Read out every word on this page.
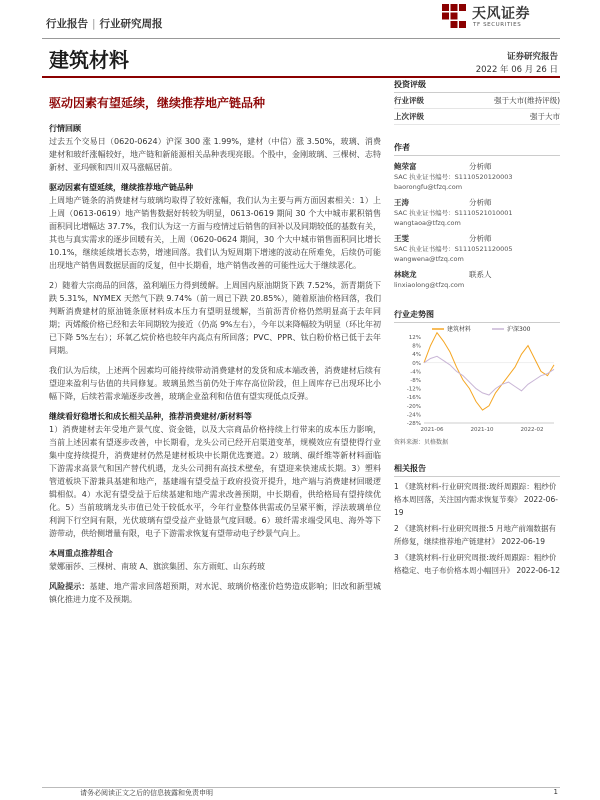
行业报告 | 行业研究周报
天风证券
TF SECURITIES
建筑材料	证券研究报告
2022 年 06 月 26 日
驱动因素有望延续，继续推荐地产链品种
行情回顾

过去五个交易日（0620-0624）沪深 300 涨 1.99%，建材（中信）涨 3.50%，玻璃、消费建材和玻纤涨幅较好，地产链和新能源相关品种表现亮眼。个股中，金刚玻璃、三棵树、志特新材、亚玛顿和四川双马涨幅居前。

驱动因素有望延续，继续推荐地产链品种

上周地产链条的消费建材与玻璃均取得了较好涨幅，我们认为主要与两方面因素相关：1）上上周（0613-0619）地产销售数据好转较为明显，0613-0619 期间 30 个大中城市累积销售面积同比增幅达 37.7%，我们认为这一方面与疫情过后销售的回补以及同期较低的基数有关，其也与真实需求的逐步回暖有关，上周（0620-0624 期间，30 个大中城市销售面积同比增长 10.1%，继续延续增长态势，增速回落。我们认为短周期下增速的波动在所难免，后续仍可能出现地产销售周数据层面的反复，但中长期看，地产销售改善的可能性远大于继续恶化。

2）随着大宗商品的回落，盈利端压力得到缓解。上周国内原油期货下跌 7.52%，沥青期货下跌 5.31%，NYMEX 天然气下跌 9.74%（前一周已下跌 20.85%），随着原油价格回落，我们判断消费建材的原油链条原材料成本压力有望明显缓解，当前沥青价格仍然明显高于去年同期；丙烯酸价格已经和去年同期较为接近（仍高 9%左右），今年以来降幅较为明显（环比年初已下降 5%左右）；环氧乙烷价格也较年内高点有所回落；PVC、PPR、钛白粉价格已低于去年同期。

我们认为后续，上述两个因素均可能持续带动消费建材的发货和成本端改善，消费建材后续有望迎来盈利与估值的共同修复。玻璃虽然当前仍处于库存高位阶段，但上周库存已出现环比小幅下降，后续若需求端逐步改善，玻璃企业盈利和估值有望实现低点反弹。

继续看好稳增长和成长相关品种，推荐消费建材/新材料等

1）消费建材去年受地产景气度、资金链，以及大宗商品价格持续上行带来的成本压力影响，当前上述因素有望逐步改善，中长期看，龙头公司已经开启渠道变革，规模效应有望使得行业集中度持续提升，消费建材仍然是建材板块中长期优选赛道。2）玻璃、碳纤维等新材料面临下游需求高景气和国产替代机遇，龙头公司拥有高技术壁垒，有望迎来快速成长期。3）塑料管道板块下游兼具基建和地产，基建端有望受益于政府投资开提升，地产端与消费建材回暖逻辑相似。4）水泥有望受益于后续基建和地产需求改善预期，中长期看，供给格局有望持续优化。5）当前玻璃龙头市值已处于较低水平，今年行业整体供需或仍呈紧平衡，浮法玻璃单位利润下行空间有限，光伏玻璃有望受益产业链景气度回暖。6）玻纤需求端受风电、海外等下游带动，供给侧增量有限，电子下游需求恢复有望带动电子纱景气向上。

本周重点推荐组合

蒙娜丽莎、三棵树、南玻 A、旗滨集团、东方雨虹、山东药玻

风险提示：基建、地产需求回落超预期，对水泥、玻璃价格涨价趋势造成影响；旧改和新型城镇化推进力度不及预期。

投资评级
行业评级	强于大市(维持评级)
上次评级	强于大市
作者
鲍荣富	分析师
SAC 执业证书编号：S1110520120003
baorongfu@tfzq.com
王涛	分析师
SAC 执业证书编号：S1110521010001
wangtaoa@tfzq.com
王雯	分析师
SAC 执业证书编号：S1110521120005
wangwena@tfzq.com
林晓龙	联系人
linxiaolong@tfzq.com
行业走势图
12%
8%
4%
0%
-4%
-8%
-12%
-16%
-20%
-24%
-28%
2021-06	2021-10	2022-02
建筑材料	沪深300
资料来源：贝格数据
相关报告
1 《建筑材料-行业研究周报:玻纤周跟踪：粗纱价格本周回落，关注国内需求恢复节奏》 2022-06-19
2 《建筑材料-行业研究周报:5 月地产前端数据有所修复，继续推荐地产链建材》 2022-06-19
3 《建筑材料-行业研究周报:玻纤周跟踪：粗纱价格稳定、电子布价格本周小幅回升》 2022-06-12
请务必阅读正文之后的信息披露和免责申明	1
